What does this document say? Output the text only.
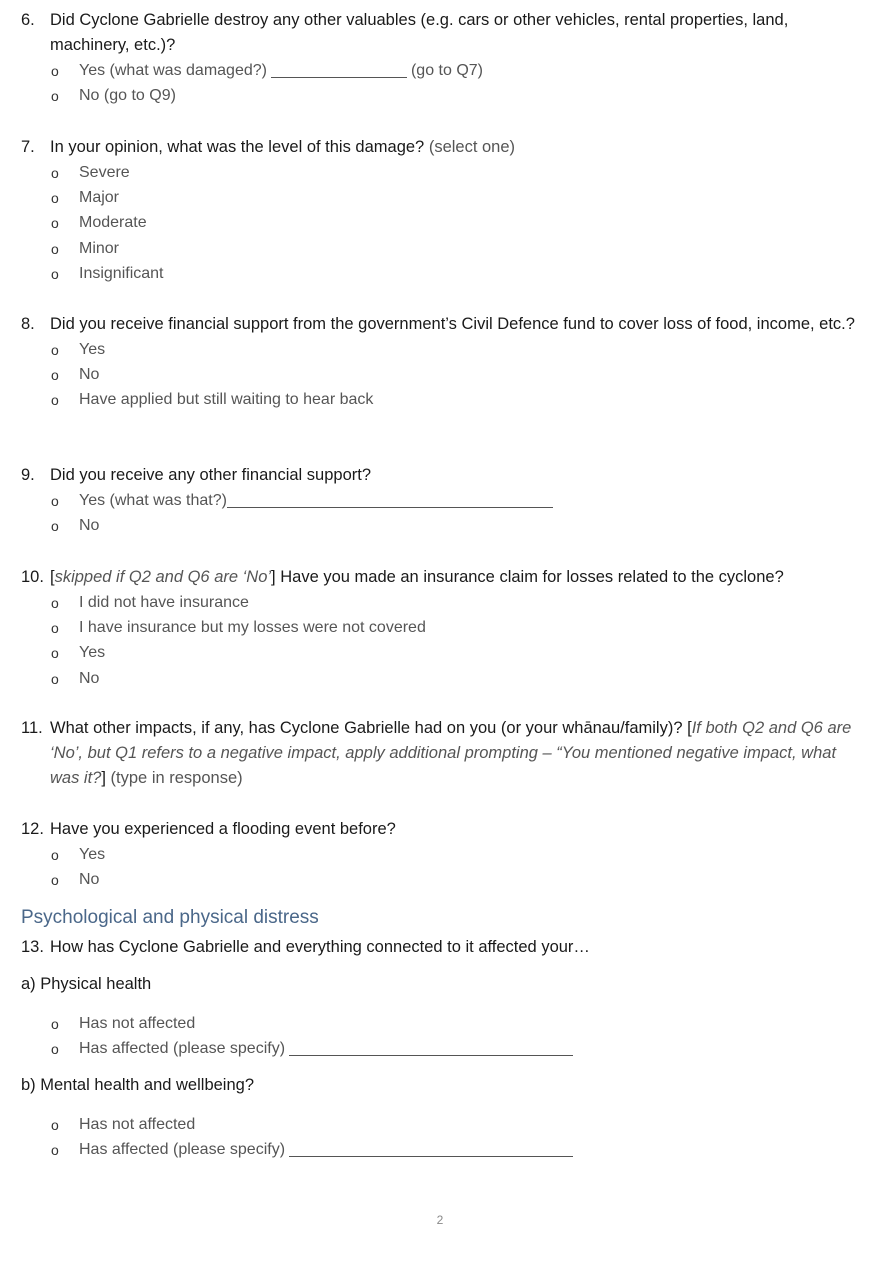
6. Did Cyclone Gabrielle destroy any other valuables (e.g. cars or other vehicles, rental properties, land, machinery, etc.)?
o	Yes (what was damaged?)	(go to Q7)
o	No (go to Q9)
7. In your opinion, what was the level of this damage? (select one)
o	Severe
o	Major
o	Moderate
o	Minor
o	Insignificant
8. Did you receive financial support from the government’s Civil Defence fund to cover loss of food, income, etc.?
o	Yes
o	No
o	Have applied but still waiting to hear back
9. Did you receive any other financial support?
o	Yes (what was that?)
o	No
10. [skipped if Q2 and Q6 are ‘No’] Have you made an insurance claim for losses related to the cyclone?
o	I did not have insurance
o	I have insurance but my losses were not covered
o	Yes
o	No
11. What other impacts, if any, has Cyclone Gabrielle had on you (or your whānau/family)? [If both Q2 and Q6 are ‘No’, but Q1 refers to a negative impact, apply additional prompting – “You mentioned negative impact, what was it?] (type in response)
12. Have you experienced a flooding event before?
o	Yes
o	No
Psychological and physical distress
13. How has Cyclone Gabrielle and everything connected to it affected your…
a) Physical health
o	Has not affected
o	Has affected (please specify)
b) Mental health and wellbeing?
o	Has not affected
o	Has affected (please specify)
2
